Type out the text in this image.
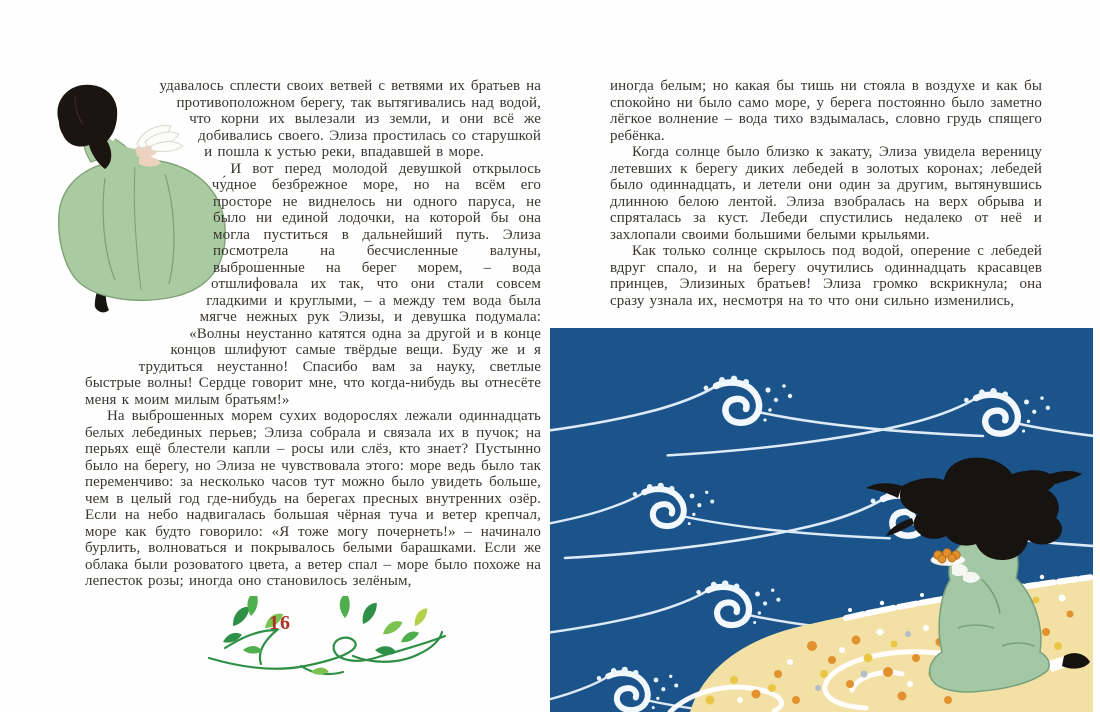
удавалось сплести своих ветвей с ветвями их братьев на противоположном берегу, так вытягивались над водой, что корни их вылезали из земли, и они всё же добивались своего. Элиза простилась со старушкой и пошла к устью реки, впадавшей в море.

И вот перед молодой девушкой открылось чу́дное безбрежное море, но на всём его просторе не виднелось ни одного паруса, не было ни единой лодочки, на которой бы она могла пуститься в дальнейший путь. Элиза посмотрела на бесчисленные валуны, выброшенные на берег морем, – вода отшлифовала их так, что они стали совсем гладкими и круглыми, – а между тем вода была мягче нежных рук Элизы, и девушка подумала: «Волны неустанно катятся одна за другой и в конце концов шлифуют самые твёрдые вещи. Буду же и я трудиться неустанно! Спасибо вам за науку, светлые быстрые волны! Сердце говорит мне, что когда-нибудь вы отнесёте меня к моим милым братьям!»

На выброшенных морем сухих водорослях лежали одиннадцать белых лебединых перьев; Элиза собрала и связала их в пучок; на перьях ещё блестели капли – росы или слёз, кто знает? Пустынно было на берегу, но Элиза не чувствовала этого: море ведь было так переменчиво: за несколько часов тут можно было увидеть больше, чем в целый год где-нибудь на берегах пресных внутренних озёр. Если на небо надвигалась большая чёрная туча и ветер крепчал, море как будто говорило: «Я тоже могу почернеть!» – начинало бурлить, волноваться и покрывалось белыми барашками. Если же облака были розоватого цвета, а ветер спал – море было похоже на лепесток розы; иногда оно становилось зелёным,

16

иногда белым; но какая бы тишь ни стояла в воздухе и как бы спокойно ни было само море, у берега постоянно было заметно лёгкое волнение – вода тихо вздымалась, словно грудь спящего ребёнка.

Когда солнце было близко к закату, Элиза увидела вереницу летевших к берегу диких лебедей в золотых коронах; лебедей было одиннадцать, и летели они один за другим, вытянувшись длинною белою лентой. Элиза взобралась на верх обрыва и спряталась за куст. Лебеди спустились недалеко от неё и захлопали своими большими белыми крыльями.

Как только солнце скрылось под водой, оперение с лебедей вдруг спало, и на берегу очутились одиннадцать красавцев принцев, Элизиных братьев! Элиза громко вскрикнула; она сразу узнала их, несмотря на то что они сильно изменились,
